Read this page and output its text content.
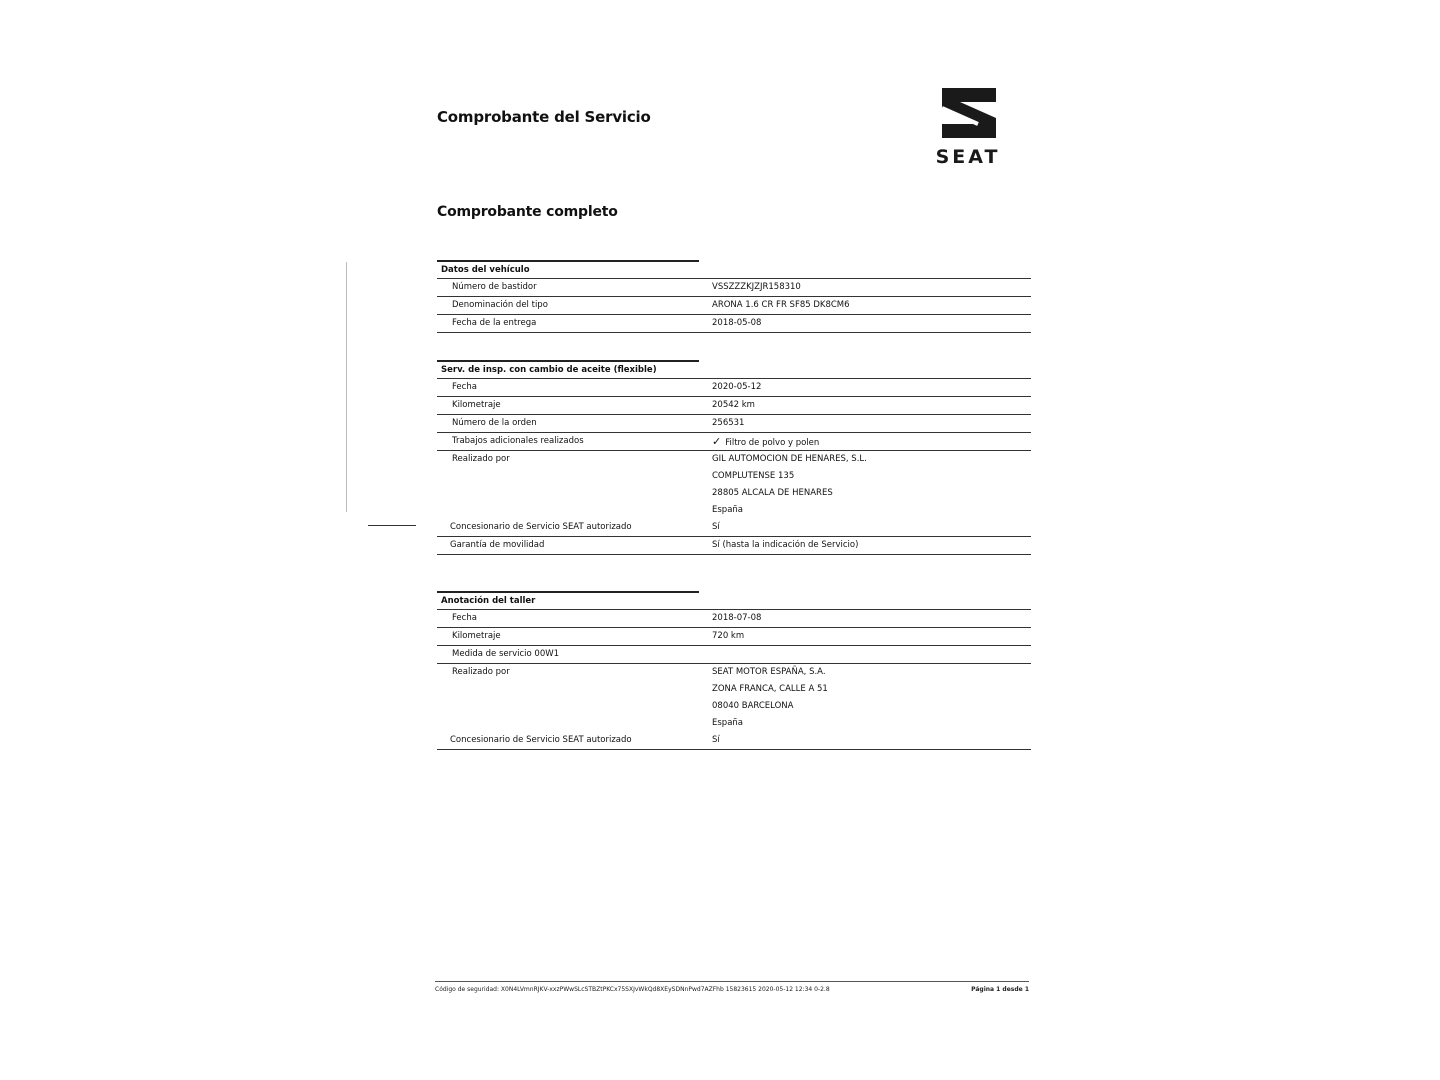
Comprobante del Servicio
SEAT
Comprobante completo
Datos del vehículo
Número de bastidor	VSSZZZKJZJR158310
Denominación del tipo	ARONA 1.6 CR FR SF85 DK8CM6
Fecha de la entrega	2018-05-08
Serv. de insp. con cambio de aceite (flexible)
Fecha	2020-05-12
Kilometraje	20542 km
Número de la orden	256531
Trabajos adicionales realizados	✓ Filtro de polvo y polen
Realizado por	GIL AUTOMOCION DE HENARES, S.L.
COMPLUTENSE 135
28805 ALCALA DE HENARES
España
Concesionario de Servicio SEAT autorizado	Sí
Garantía de movilidad	Sí (hasta la indicación de Servicio)
Anotación del taller
Fecha	2018-07-08
Kilometraje	720 km
Medida de servicio 00W1
Realizado por	SEAT MOTOR ESPAÑA, S.A.
ZONA FRANCA, CALLE A 51
08040 BARCELONA
España
Concesionario de Servicio SEAT autorizado	Sí
Código de seguridad: X0N4LVmnRJKV-xxzPWwSLcSTBZtPKCx75SXJvWkQd8XEySDNnPwd7AZFhb 15823615 2020-05-12 12:34 0-2.8	Página 1 desde 1
